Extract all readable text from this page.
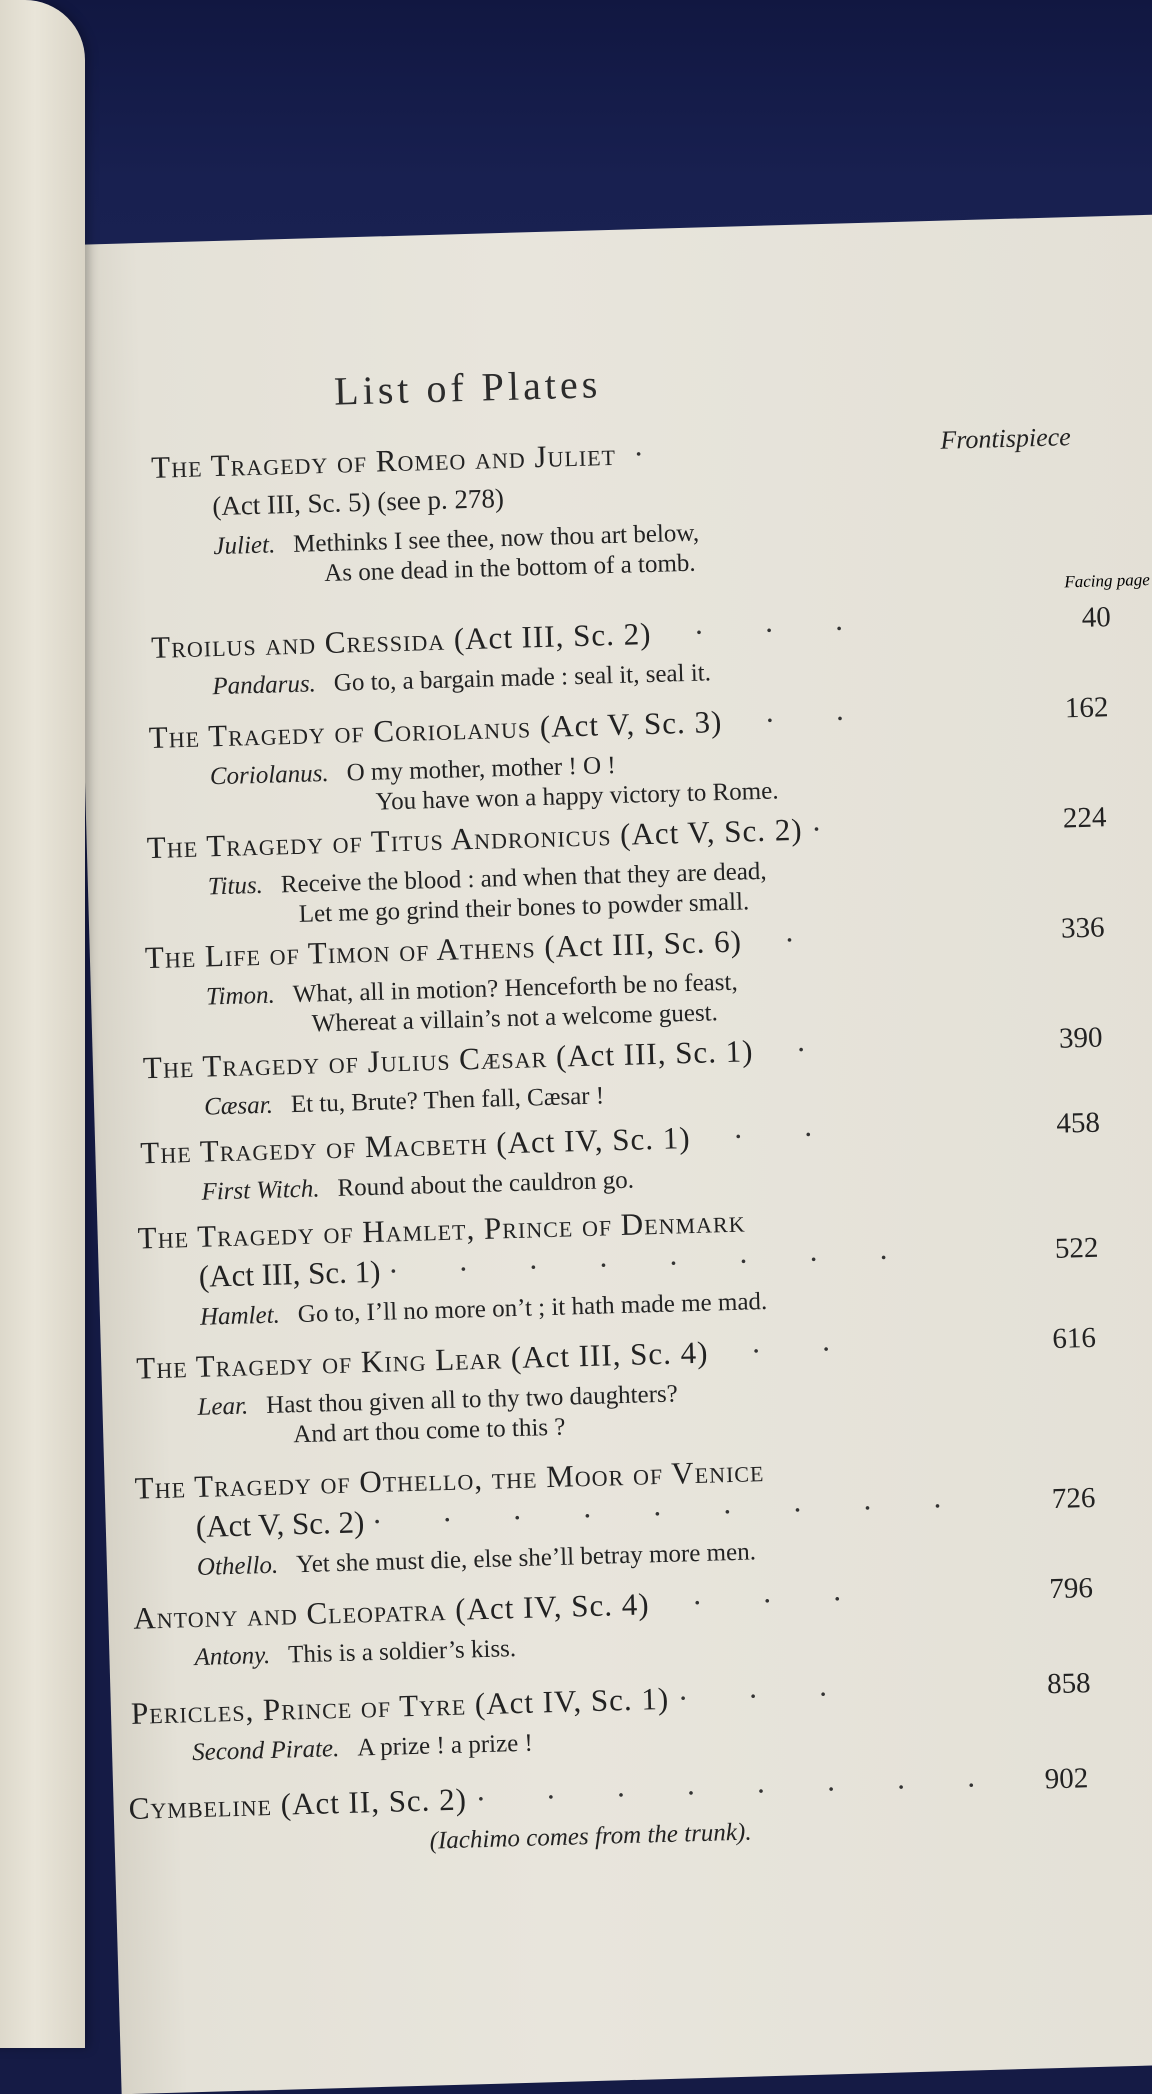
List of Plates
The Tragedy of Romeo and Juliet ·	Frontispiece
(Act III, Sc. 5) (see p. 278)
Juliet. Methinks I see thee, now thou art below,
As one dead in the bottom of a tomb.	Facing page
Troilus and Cressida (Act III, Sc. 2)  · · ·	40
Pandarus. Go to, a bargain made : seal it, seal it.
The Tragedy of Coriolanus (Act V, Sc. 3)  · ·	162
Coriolanus. O my mother, mother ! O !
You have won a happy victory to Rome.
The Tragedy of Titus Andronicus (Act V, Sc. 2) ·	224
Titus. Receive the blood : and when that they are dead,
Let me go grind their bones to powder small.
The Life of Timon of Athens (Act III, Sc. 6)  ·	336
Timon. What, all in motion? Henceforth be no feast,
Whereat a villain’s not a welcome guest.
The Tragedy of Julius Cæsar (Act III, Sc. 1)  ·	390
Cæsar. Et tu, Brute? Then fall, Cæsar !
The Tragedy of Macbeth (Act IV, Sc. 1)  · ·	458
First Witch. Round about the cauldron go.
The Tragedy of Hamlet, Prince of Denmark
(Act III, Sc. 1) · · · · · · · ·	522
Hamlet. Go to, I’ll no more on’t ; it hath made me mad.
The Tragedy of King Lear (Act III, Sc. 4)  · ·	616
Lear. Hast thou given all to thy two daughters?
And art thou come to this ?
The Tragedy of Othello, the Moor of Venice
(Act V, Sc. 2) · · · · · · · · ·	726
Othello. Yet she must die, else she’ll betray more men.
Antony and Cleopatra (Act IV, Sc. 4)  · · ·	796
Antony. This is a soldier’s kiss.
Pericles, Prince of Tyre (Act IV, Sc. 1) · · ·	858
Second Pirate. A prize ! a prize !
Cymbeline (Act II, Sc. 2) · · · · · · · ·	902
(Iachimo comes from the trunk).
